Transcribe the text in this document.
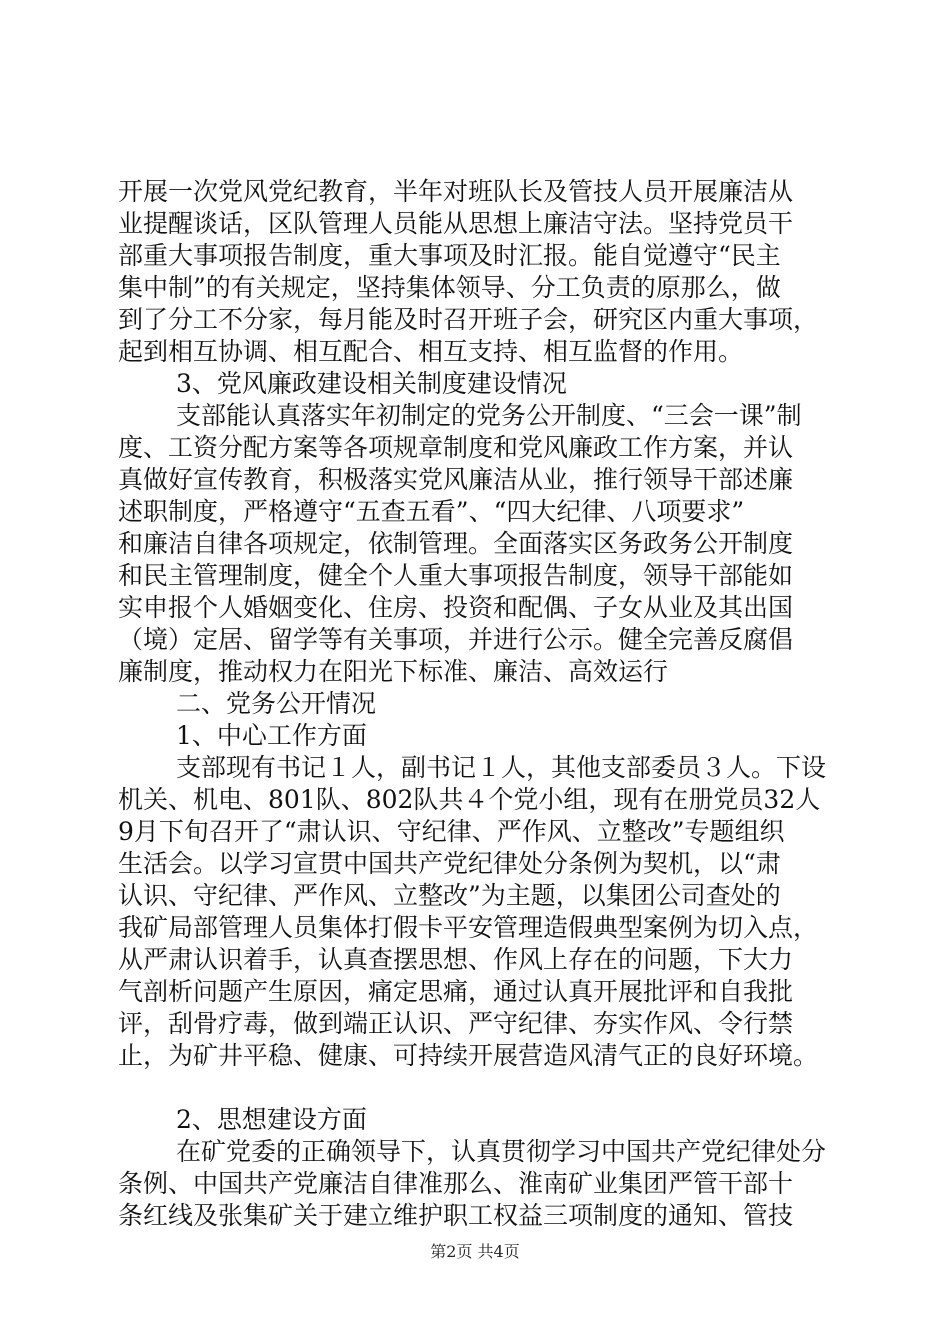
开展一次党风党纪教育，半年对班队长及管技人员开展廉洁从
业提醒谈话，区队管理人员能从思想上廉洁守法。坚持党员干
部重大事项报告制度，重大事项及时汇报。能自觉遵守“民主
集中制”的有关规定，坚持集体领导、分工负责的原那么，做
到了分工不分家，每月能及时召开班子会，研究区内重大事项，
起到相互协调、相互配合、相互支持、相互监督的作用。
3、党风廉政建设相关制度建设情况
支部能认真落实年初制定的党务公开制度、“三会一课”制
度、工资分配方案等各项规章制度和党风廉政工作方案，并认
真做好宣传教育，积极落实党风廉洁从业，推行领导干部述廉
述职制度，严格遵守“五查五看”、“四大纪律、八项要求”
和廉洁自律各项规定，依制管理。全面落实区务政务公开制度
和民主管理制度，健全个人重大事项报告制度，领导干部能如
实申报个人婚姻变化、住房、投资和配偶、子女从业及其出国
（境）定居、留学等有关事项，并进行公示。健全完善反腐倡
廉制度，推动权力在阳光下标准、廉洁、高效运行
二、党务公开情况
1、中心工作方面
支部现有书记１人，副书记１人，其他支部委员３人。下设
机关、机电、801队、802队共４个党小组，现有在册党员32人
9月下旬召开了“肃认识、守纪律、严作风、立整改”专题组织
生活会。以学习宣贯中国共产党纪律处分条例为契机，以“肃
认识、守纪律、严作风、立整改”为主题，以集团公司查处的
我矿局部管理人员集体打假卡平安管理造假典型案例为切入点，
从严肃认识着手，认真查摆思想、作风上存在的问题，下大力
气剖析问题产生原因，痛定思痛，通过认真开展批评和自我批
评，刮骨疗毒，做到端正认识、严守纪律、夯实作风、令行禁
止，为矿井平稳、健康、可持续开展营造风清气正的良好环境。
2、思想建设方面
在矿党委的正确领导下，认真贯彻学习中国共产党纪律处分
条例、中国共产党廉洁自律准那么、淮南矿业集团严管干部十
条红线及张集矿关于建立维护职工权益三项制度的通知、管技
第2页 共4页
